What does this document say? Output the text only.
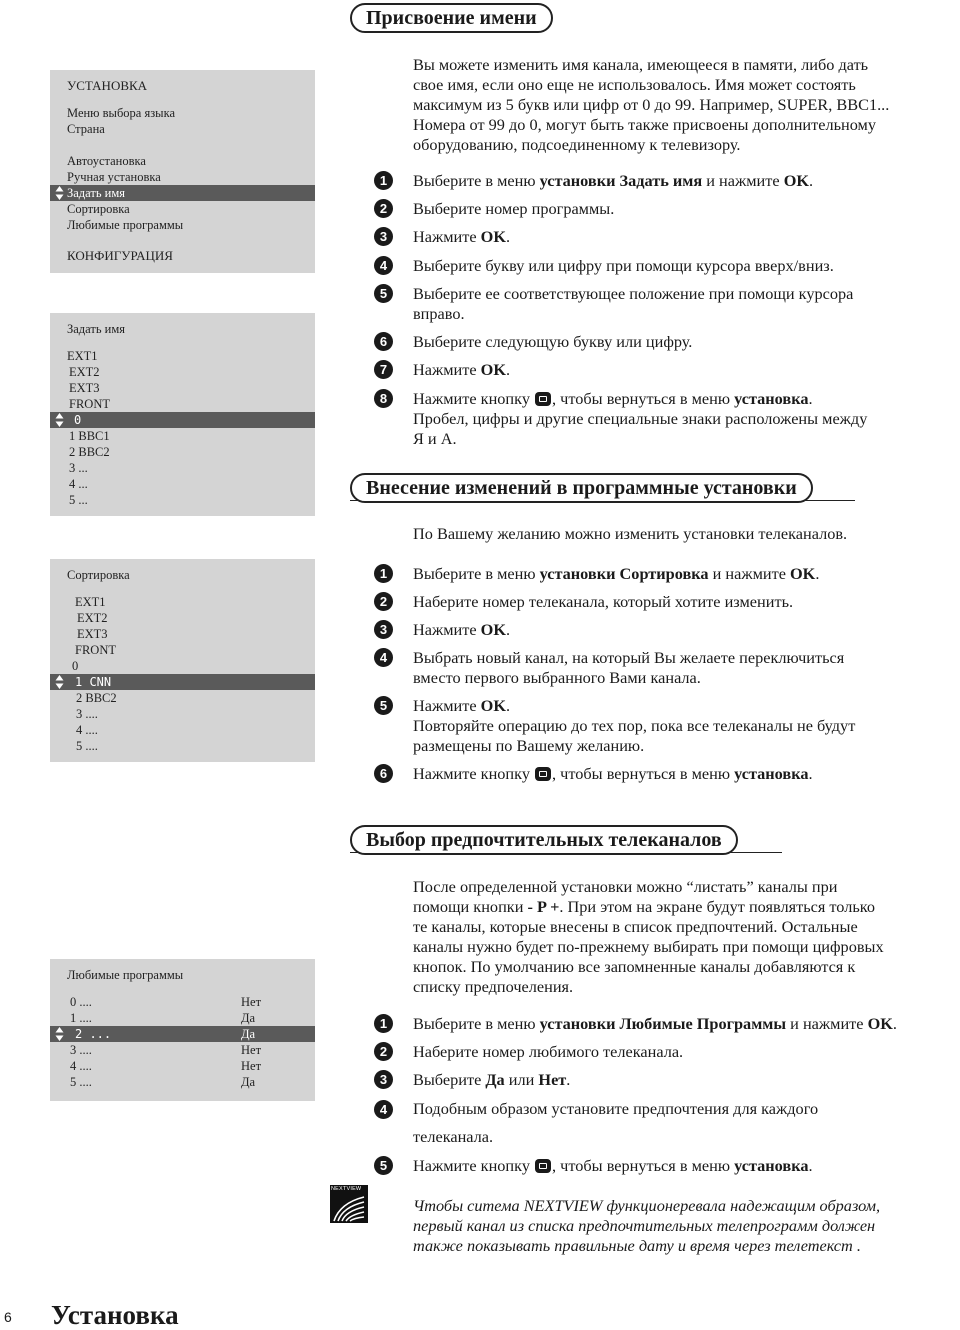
Присвоение имени
Внесение изменений в программные установки
Выбор предпочтительных телеканалов
УСТАНОВКА
Меню выбора языка
Страна
Автоустановка
Ручная установка
Задать имя
Сортировка
Любимые программы
КОНФИГУРАЦИЯ
Задать имя
EXT1
EXT2
EXT3
FRONT
0
1 BBC1
2 BBC2
3 ...
4 ...
5 ...
Сортировка
EXT1
EXT2
EXT3
FRONT
0
1 CNN
2 BBC2
3 ....
4 ....
5 ....
Любимые программы
0 ....	Нет
1 ....	Да
2 ...	Да
3 ....	Нет
4 ....	Нет
5 ....	Да
Вы можете изменить имя канала, имеющееся в памяти, либо дать
свое имя, если оно еще не использовалось. Имя может состоять
максимум из 5 букв или цифр от 0 до 99. Например, SUPER, BBC1...
Номера от 99 до 0, могут быть также присвоены дополнительному
оборудованию, подсоединенному к телевизору.
1	Выберите в меню установки Задать имя и нажмите OK.
2	Выберите номер программы.
3	Нажмите OK.
4	Выберите букву или цифру при помощи курсора вверх/вниз.
5	Выберите ее соответствующее положение при помощи курсора
вправо.
6	Выберите следующую букву или цифру.
7	Нажмите OK.
8	Нажмите кнопку , чтобы вернуться в меню установка.
Пробел, цифры и другие специальные знаки расположены между
Я и А.
По Вашему желанию можно изменить установки телеканалов.
1	Выберите в меню установки Сортировка и нажмите OK.
2	Наберите номер телеканала, который хотите изменить.
3	Нажмите OK.
4	Выбрать новый канал, на который Вы желаете переключиться
вместо первого выбранного Вами канала.
5	Нажмите OK.
Повторяйте операцию до тех пор, пока все телеканалы не будут
размещены по Вашему желанию.
6	Нажмите кнопку , чтобы вернуться в меню установка.
После определенной установки можно “листать” каналы при
помощи кнопки - P +. При этом на экране будут появляться только
те каналы, которые внесены в список предпочтений. Остальные
каналы нужно будет по-прежнему выбирать при помощи цифровых
кнопок. По умолчанию все запомненные каналы добавляются к
списку предпочеления.
1	Выберите в меню установки Любимые Программы и нажмите OK.
2	Наберите номер любимого телеканала.
3	Выберите Да или Нет.
4	Подобным образом установите предпочтения для каждого
телеканала.
5	Нажмите кнопку , чтобы вернуться в меню установка.
NEXTVIEW
Чтобы ситема NEXTVIEW функционеревала надежащим образом,
первый канал из списка предпочтительных телепрограмм должен
также показывать правильные дату и время через телетекст .
6 Установка
